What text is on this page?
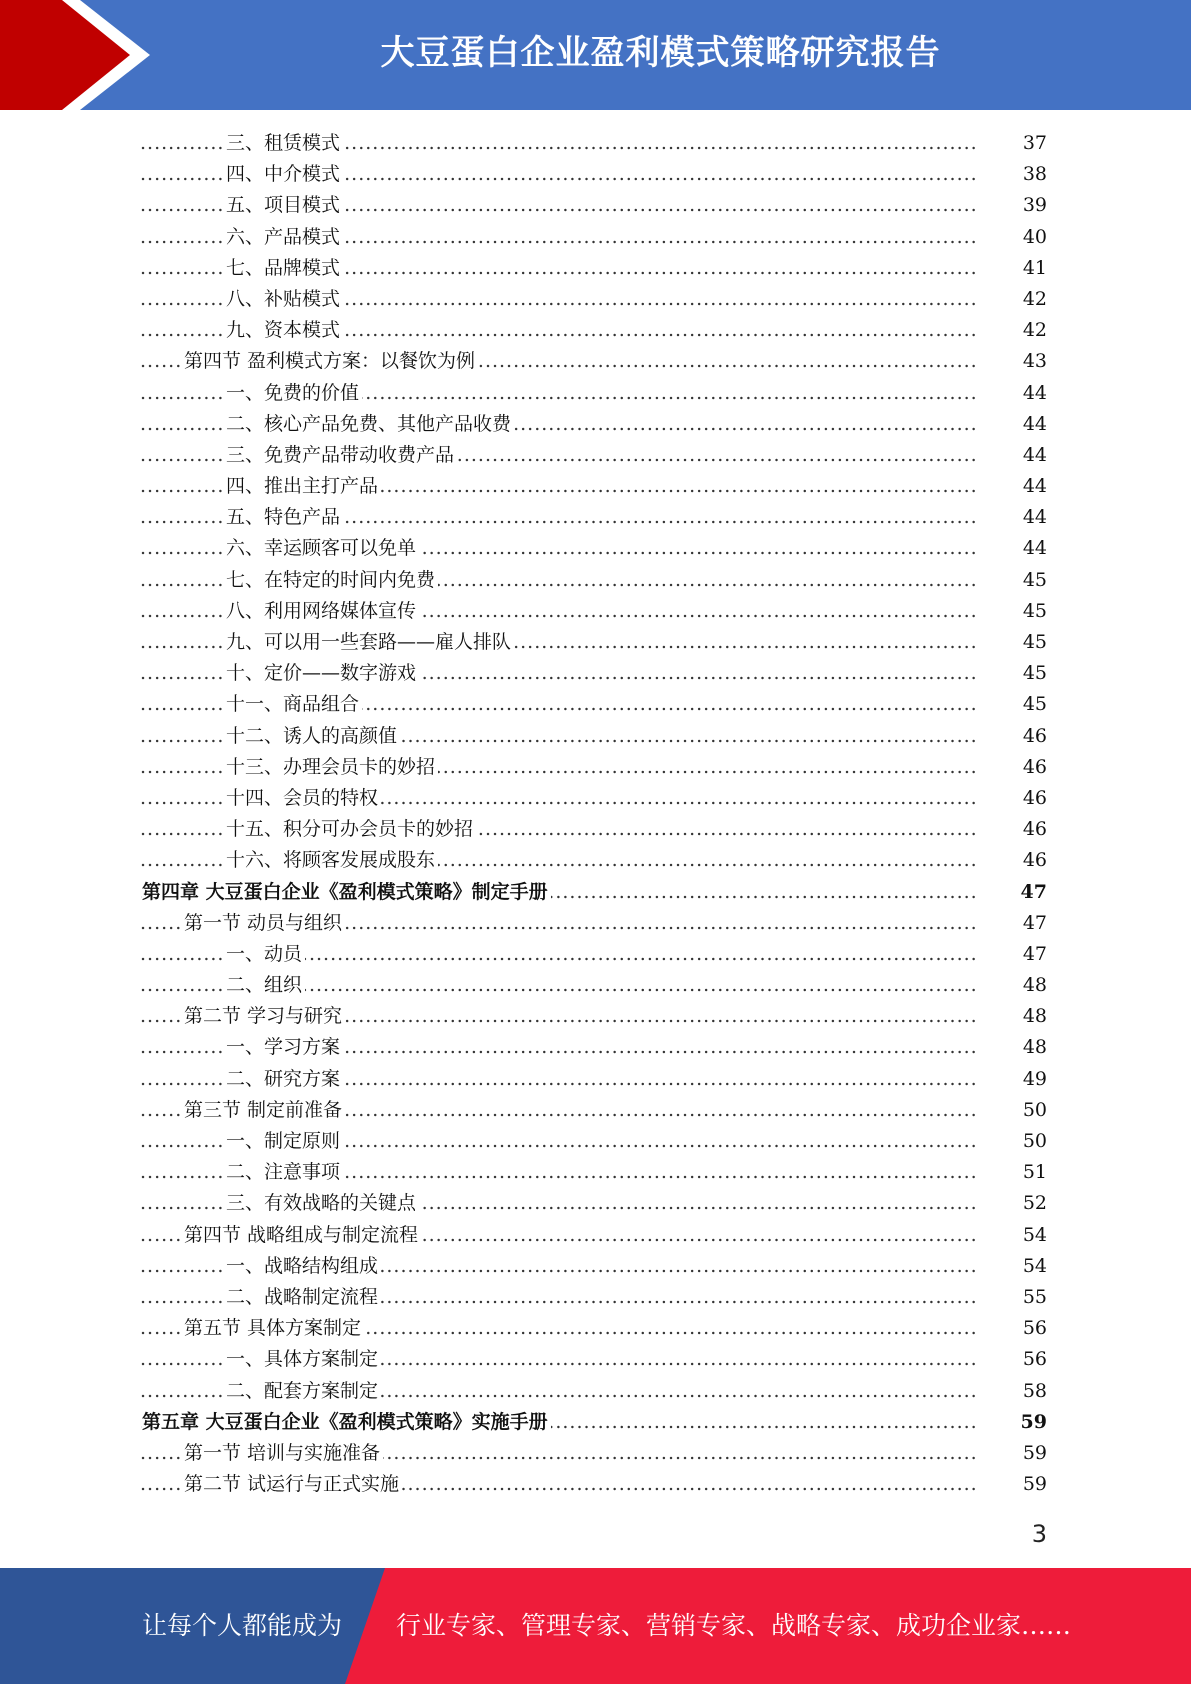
大豆蛋白企业盈利模式策略研究报告
三、租赁模式 .....	37
四、中介模式 .....	38
五、项目模式 .....	39
六、产品模式 .....	40
七、品牌模式 .....	41
八、补贴模式 .....	42
九、资本模式 .....	42
第四节 盈利模式方案：以餐饮为例 .....	43
一、免费的价值 .....	44
二、核心产品免费、其他产品收费 .....	44
三、免费产品带动收费产品 .....	44
四、推出主打产品 .....	44
五、特色产品 .....	44
六、幸运顾客可以免单 .....	44
七、在特定的时间内免费 .....	45
八、利用网络媒体宣传 .....	45
九、可以用一些套路——雇人排队 .....	45
十、定价——数字游戏 .....	45
十一、商品组合 .....	45
十二、诱人的高颜值 .....	46
十三、办理会员卡的妙招 .....	46
十四、会员的特权 .....	46
十五、积分可办会员卡的妙招 .....	46
十六、将顾客发展成股东 .....	46
第四章 大豆蛋白企业《盈利模式策略》制定手册 .....	47
第一节 动员与组织 .....	47
一、动员 .....	47
二、组织 .....	48
第二节 学习与研究 .....	48
一、学习方案 .....	48
二、研究方案 .....	49
第三节 制定前准备 .....	50
一、制定原则 .....	50
二、注意事项 .....	51
三、有效战略的关键点 .....	52
第四节 战略组成与制定流程 .....	54
一、战略结构组成 .....	54
二、战略制定流程 .....	55
第五节 具体方案制定 .....	56
一、具体方案制定 .....	56
二、配套方案制定 .....	58
第五章 大豆蛋白企业《盈利模式策略》实施手册 .....	59
第一节 培训与实施准备 .....	59
第二节 试运行与正式实施 .....	59
3
让每个人都能成为 行业专家、管理专家、营销专家、战略专家、成功企业家……
